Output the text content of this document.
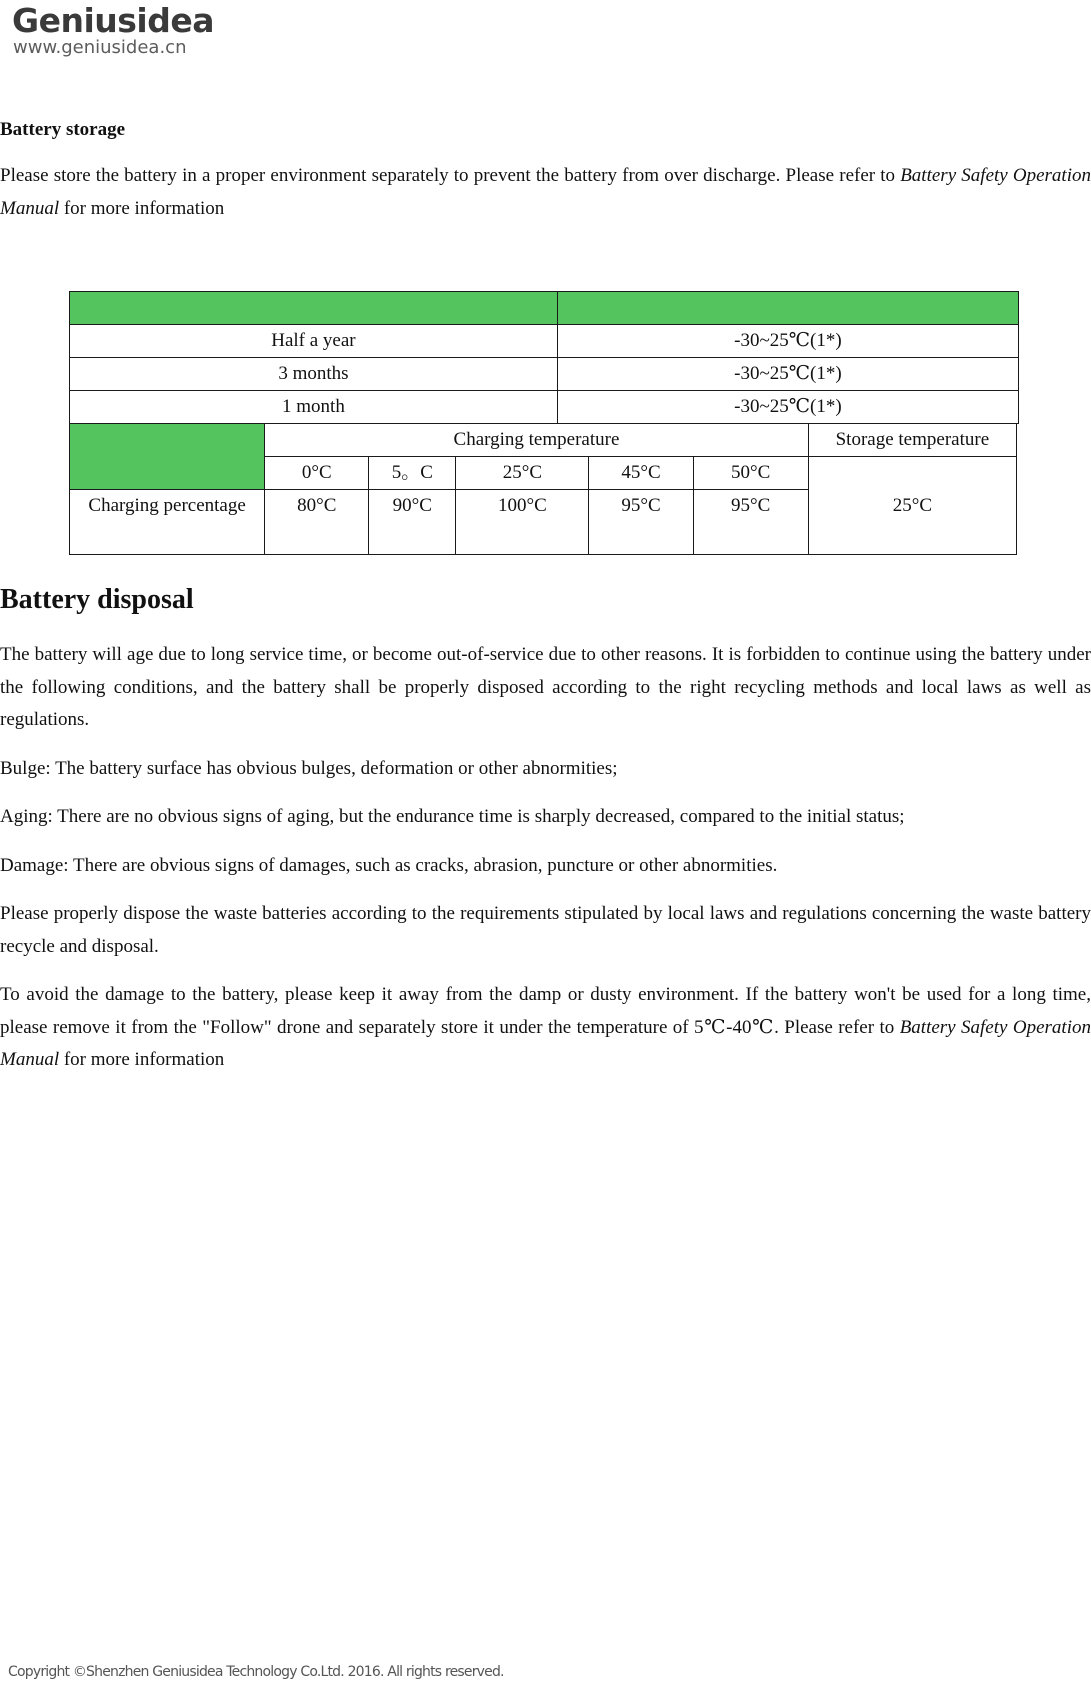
Geniusidea
www.geniusidea.cn
Battery storage

Please store the battery in a proper environment separately to prevent the battery from over discharge. Please refer to Battery Safety Operation Manual for more information

Half a year	-30~25℃(1*)
3 months	-30~25℃(1*)
1 month	-30~25℃(1*)
	Charging temperature					Storage temperature
	0°C	5。C	25°C	45°C	50°C	25°C
Charging percentage	80°C	90°C	100°C	95°C	95°C	
Battery disposal

The battery will age due to long service time, or become out-of-service due to other reasons. It is forbidden to continue using the battery under the following conditions, and the battery shall be properly disposed according to the right recycling methods and local laws as well as regulations.

Bulge: The battery surface has obvious bulges, deformation or other abnormities;

Aging: There are no obvious signs of aging, but the endurance time is sharply decreased, compared to the initial status;

Damage: There are obvious signs of damages, such as cracks, abrasion, puncture or other abnormities.

Please properly dispose the waste batteries according to the requirements stipulated by local laws and regulations concerning the waste battery recycle and disposal.

To avoid the damage to the battery, please keep it away from the damp or dusty environment. If the battery won't be used for a long time, please remove it from the "Follow" drone and separately store it under the temperature of 5℃-40℃. Please refer to Battery Safety Operation Manual for more information

Copyright ©Shenzhen Geniusidea Technology Co.Ltd. 2016. All rights reserved.
